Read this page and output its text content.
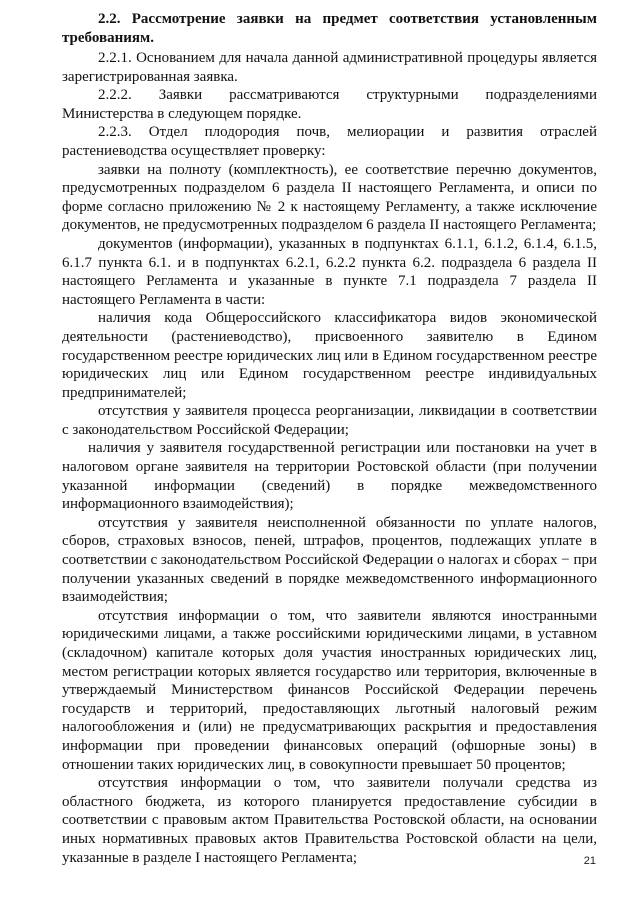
2.2. Рассмотрение заявки на предмет соответствия установленным требованиям.

2.2.1. Основанием для начала данной административной процедуры является зарегистрированная заявка.

2.2.2. Заявки рассматриваются структурными подразделениями Министерства в следующем порядке.

2.2.3. Отдел плодородия почв, мелиорации и развития отраслей растениеводства осуществляет проверку:

заявки на полноту (комплектность), ее соответствие перечню документов, предусмотренных подразделом 6 раздела II настоящего Регламента, и описи по форме согласно приложению № 2 к настоящему Регламенту, а также исключение документов, не предусмотренных подразделом 6 раздела II настоящего Регламента;

документов (информации), указанных в подпунктах 6.1.1, 6.1.2, 6.1.4, 6.1.5, 6.1.7 пункта 6.1. и в подпунктах 6.2.1, 6.2.2 пункта 6.2. подраздела 6 раздела II настоящего Регламента и указанные в пункте 7.1 подраздела 7 раздела II настоящего Регламента в части:

наличия кода Общероссийского классификатора видов экономической деятельности (растениеводство), присвоенного заявителю в Едином государственном реестре юридических лиц или в Едином государственном реестре юридических лиц или Едином государственном реестре индивидуальных предпринимателей;

отсутствия у заявителя процесса реорганизации, ликвидации в соответствии с законодательством Российской Федерации;

наличия у заявителя государственной регистрации или постановки на учет в налоговом органе заявителя на территории Ростовской области (при получении указанной информации (сведений) в порядке межведомственного информационного взаимодействия);

отсутствия у заявителя неисполненной обязанности по уплате налогов, сборов, страховых взносов, пеней, штрафов, процентов, подлежащих уплате в соответствии с законодательством Российской Федерации о налогах и сборах − при получении указанных сведений в порядке межведомственного информационного взаимодействия;

отсутствия информации о том, что заявители являются иностранными юридическими лицами, а также российскими юридическими лицами, в уставном (складочном) капитале которых доля участия иностранных юридических лиц, местом регистрации которых является государство или территория, включенные в утверждаемый Министерством финансов Российской Федерации перечень государств и территорий, предоставляющих льготный налоговый режим налогообложения и (или) не предусматривающих раскрытия и предоставления информации при проведении финансовых операций (офшорные зоны) в отношении таких юридических лиц, в совокупности превышает 50 процентов;

отсутствия информации о том, что заявители получали средства из областного бюджета, из которого планируется предоставление субсидии в соответствии с правовым актом Правительства Ростовской области, на основании иных нормативных правовых актов Правительства Ростовской области на цели, указанные в разделе I настоящего Регламента;	21
